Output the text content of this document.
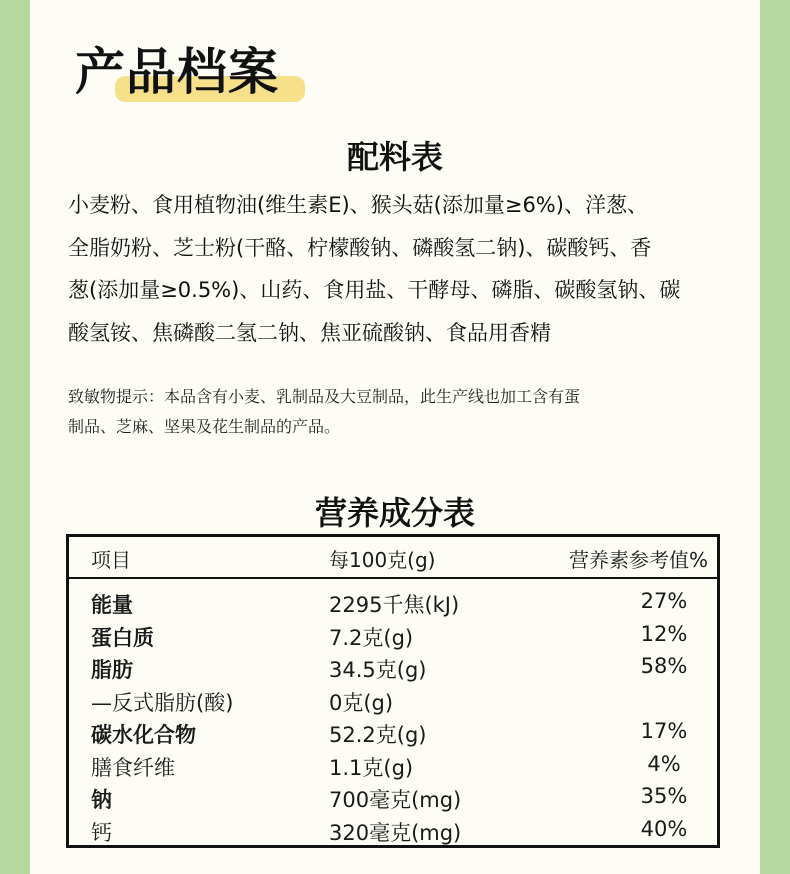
产品档案
配料表
小麦粉、食用植物油(维生素E)、猴头菇(添加量≥6%)、洋葱、
全脂奶粉、芝士粉(干酪、柠檬酸钠、磷酸氢二钠)、碳酸钙、香
葱(添加量≥0.5%)、山药、食用盐、干酵母、磷脂、碳酸氢钠、碳
酸氢铵、焦磷酸二氢二钠、焦亚硫酸钠、食品用香精
致敏物提示：本品含有小麦、乳制品及大豆制品，此生产线也加工含有蛋
制品、芝麻、坚果及花生制品的产品。
营养成分表
项目	每100克(g)	营养素参考值%
能量	2295千焦(kJ)	27%
蛋白质	7.2克(g)	12%
脂肪	34.5克(g)	58%
—反式脂肪(酸)	0克(g)
碳水化合物	52.2克(g)	17%
膳食纤维	1.1克(g)	4%
钠	700毫克(mg)	35%
钙	320毫克(mg)	40%
